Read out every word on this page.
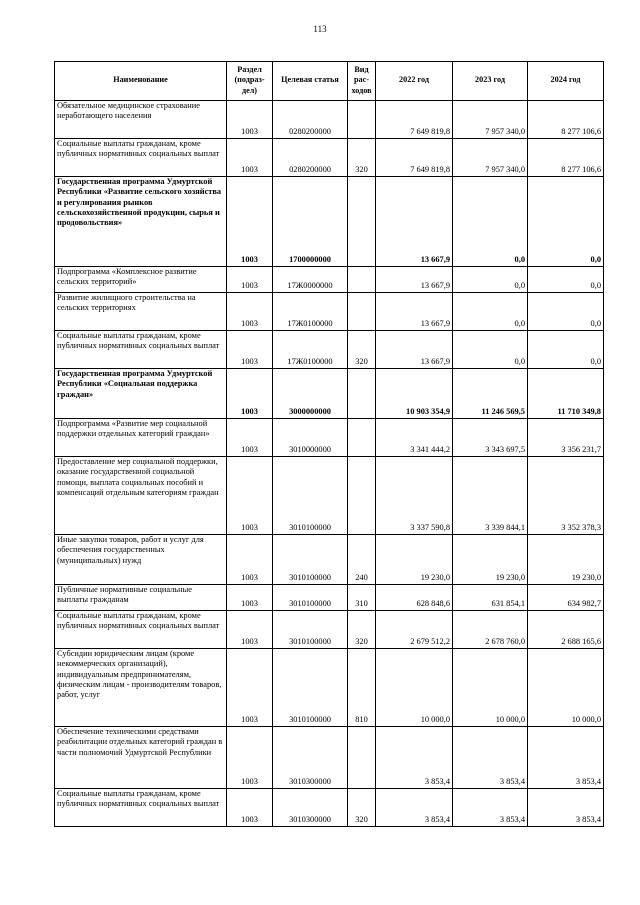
113
Наименование	Раздел (подраз-дел)	Целевая статья	Вид рас-ходов	2022 год	2023 год	2024 год
Обязательное медицинское страхование неработающего населения	1003	0280200000		7 649 819,8	7 957 340,0	8 277 106,6
Социальные выплаты гражданам, кроме публичных нормативных социальных выплат	1003	0280200000	320	7 649 819,8	7 957 340,0	8 277 106,6
Государственная программа Удмуртской Республики «Развитие сельского хозяйства и регулирования рынков сельскохозяйственной продукции, сырья и продовольствия»	1003	1700000000		13 667,9	0,0	0,0
Подпрограмма «Комплексное развитие сельских территорий»	1003	17Ж0000000		13 667,9	0,0	0,0
Развитие жилищного строительства на сельских территориях	1003	17Ж0100000		13 667,9	0,0	0,0
Социальные выплаты гражданам, кроме публичных нормативных социальных выплат	1003	17Ж0100000	320	13 667,9	0,0	0,0
Государственная программа Удмуртской Республики «Социальная поддержка граждан»	1003	3000000000		10 903 354,9	11 246 569,5	11 710 349,8
Подпрограмма «Развитие мер социальной поддержки отдельных категорий граждан»	1003	3010000000		3 341 444,2	3 343 697,5	3 356 231,7
Предоставление мер социальной поддержки, оказание государственной социальной помощи, выплата социальных пособий и компенсаций отдельным категориям граждан	1003	3010100000		3 337 590,8	3 339 844,1	3 352 378,3
Иные закупки товаров, работ и услуг для обеспечения государственных (муниципальных) нужд	1003	3010100000	240	19 230,0	19 230,0	19 230,0
Публичные нормативные социальные выплаты гражданам	1003	3010100000	310	628 848,6	631 854,1	634 982,7
Социальные выплаты гражданам, кроме публичных нормативных социальных выплат	1003	3010100000	320	2 679 512,2	2 678 760,0	2 688 165,6
Субсидии юридическим лицам (кроме некоммерческих организаций), индивидуальным предпринимателям, физическим лицам - производителям товаров, работ, услуг	1003	3010100000	810	10 000,0	10 000,0	10 000,0
Обеспечение техническими средствами реабилитации отдельных категорий граждан в части полномочий Удмуртской Республики	1003	3010300000		3 853,4	3 853,4	3 853,4
Социальные выплаты гражданам, кроме публичных нормативных социальных выплат	1003	3010300000	320	3 853,4	3 853,4	3 853,4
